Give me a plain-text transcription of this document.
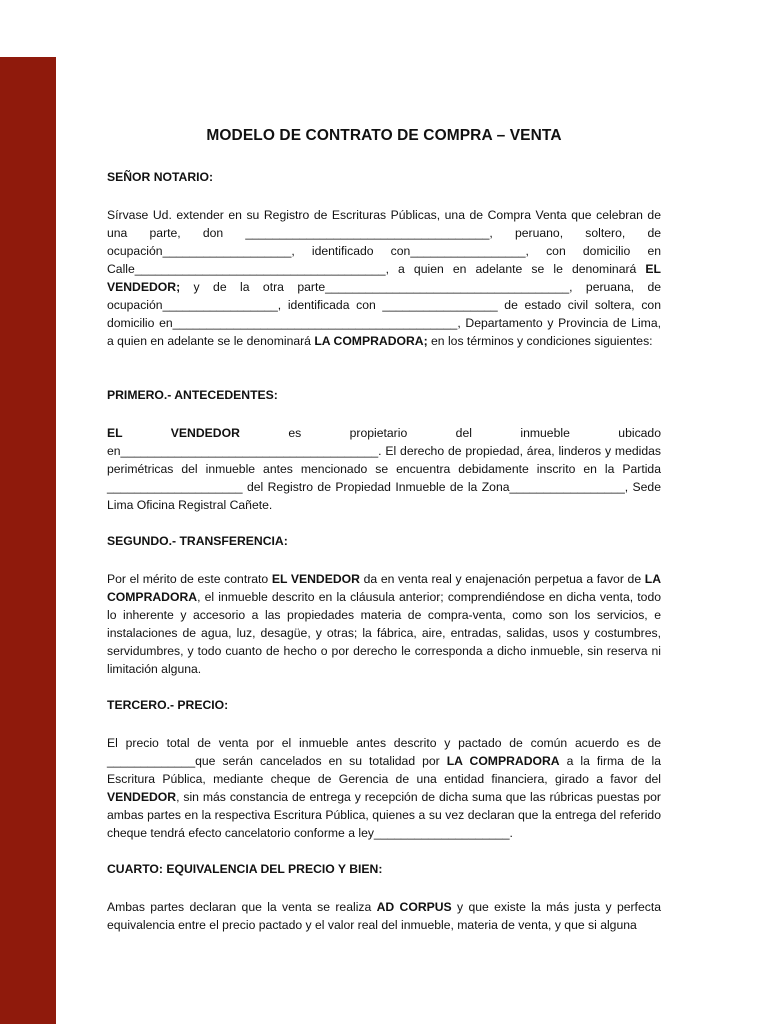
MODELO DE CONTRATO DE COMPRA – VENTA
SEÑOR NOTARIO:

Sírvase Ud. extender en su Registro de Escrituras Públicas, una de Compra Venta que celebran de una parte, don ____________________________________, peruano, soltero, de ocupación___________________, identificado con_________________, con domicilio en Calle_____________________________________, a quien en adelante se le denominará EL VENDEDOR; y de la otra parte____________________________________, peruana, de ocupación_________________, identificada con _________________ de estado civil soltera, con domicilio en__________________________________________, Departamento y Provincia de Lima, a quien en adelante se le denominará LA COMPRADORA; en los términos y condiciones siguientes:

PRIMERO.- ANTECEDENTES:

EL VENDEDOR es propietario del inmueble ubicado en______________________________________. El derecho de propiedad, área, linderos y medidas perimétricas del inmueble antes mencionado se encuentra debidamente inscrito en la Partida ____________________ del Registro de Propiedad Inmueble de la Zona_________________, Sede Lima Oficina Registral Cañete.

SEGUNDO.- TRANSFERENCIA:

Por el mérito de este contrato EL VENDEDOR da en venta real y enajenación perpetua a favor de LA COMPRADORA, el inmueble descrito en la cláusula anterior; comprendiéndose en dicha venta, todo lo inherente y accesorio a las propiedades materia de compra-venta, como son los servicios, e instalaciones de agua, luz, desagüe, y otras; la fábrica, aire, entradas, salidas, usos y costumbres, servidumbres, y todo cuanto de hecho o por derecho le corresponda a dicho inmueble, sin reserva ni limitación alguna.

TERCERO.- PRECIO:

El precio total de venta por el inmueble antes descrito y pactado de común acuerdo es de _____________que serán cancelados en su totalidad por LA COMPRADORA a la firma de la Escritura Pública, mediante cheque de Gerencia de una entidad financiera, girado a favor del VENDEDOR, sin más constancia de entrega y recepción de dicha suma que las rúbricas puestas por ambas partes en la respectiva Escritura Pública, quienes a su vez declaran que la entrega del referido cheque tendrá efecto cancelatorio conforme a ley____________________.

CUARTO: EQUIVALENCIA DEL PRECIO Y BIEN:

Ambas partes declaran que la venta se realiza AD CORPUS y que existe la más justa y perfecta equivalencia entre el precio pactado y el valor real del inmueble, materia de venta, y que si alguna
